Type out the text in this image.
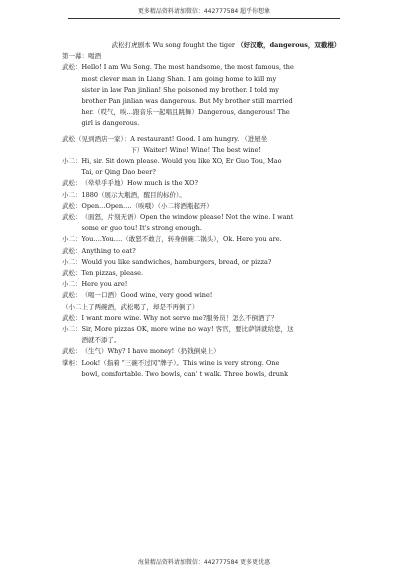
更多精品资料请加微信：442777584 超乎你想象
武松打虎剧本 Wu song fought the tiger （好汉歌，dangerous，双截棍）
第一幕：喝酒
武松： Hello! I am Wu Song. The most handsome, the most famous, the
most clever man in Liang Shan. I am going home to kill my
sister in law Pan jinlian! She poisoned my brother. I told my
brother Pan jinlian was dangerous. But My brother still married
her.（哎气，唉…跟音乐一起唱且跳舞）Dangerous, dangerous! The
girl is dangerous.
武松（见到酒店一家）： A restaurant! Good. I am hungry. （进屋坐
下）Waiter! Wine! Wine! The best wine!
小二： Hi, sir. Sit down please. Would you like XO, Er Guo Tou, Mao
Tai, or Qing Dao beer?
武松： （晕晕乎乎地）How much is the XO?
小二： 1880（展示大瓶酒，醒目的标价）。
武松： Open…Open….（唉哦）（小二将酒瓶起开）
武松： （面怒，片刻无语）Open the window please! Not the wine. I want
some er guo tou! It's strong enough.
小二： You….You….（敢怒不敢言，转身倒碗二锅头），Ok. Here you are.
武松： Anything to eat?
小二： Would you like sandwiches, hamburgers, bread, or pizza?
武松： Ten pizzas, please.
小二： Here you are!
武松： （喝一口酒）Good wine, very good wine!
（小二上了两碗酒，武松喝了，却是不再倒了）
武松： I want more wine. Why not serve me?服务员！怎么不倒酒了？
小二： Sir, More pizzas OK, more wine no way! 客官，要比萨饼就给您，这
酒就不添了。
武松： （生气）Why? I have money!（扔钱倒桌上）
掌柜： Look!（指着 "三碗不过冈"牌子）。This wine is very strong. One
bowl, comfortable. Two bowls, can' t walk. Three bowls, drunk
海量精品资料请加微信：442777584 更多更优惠
